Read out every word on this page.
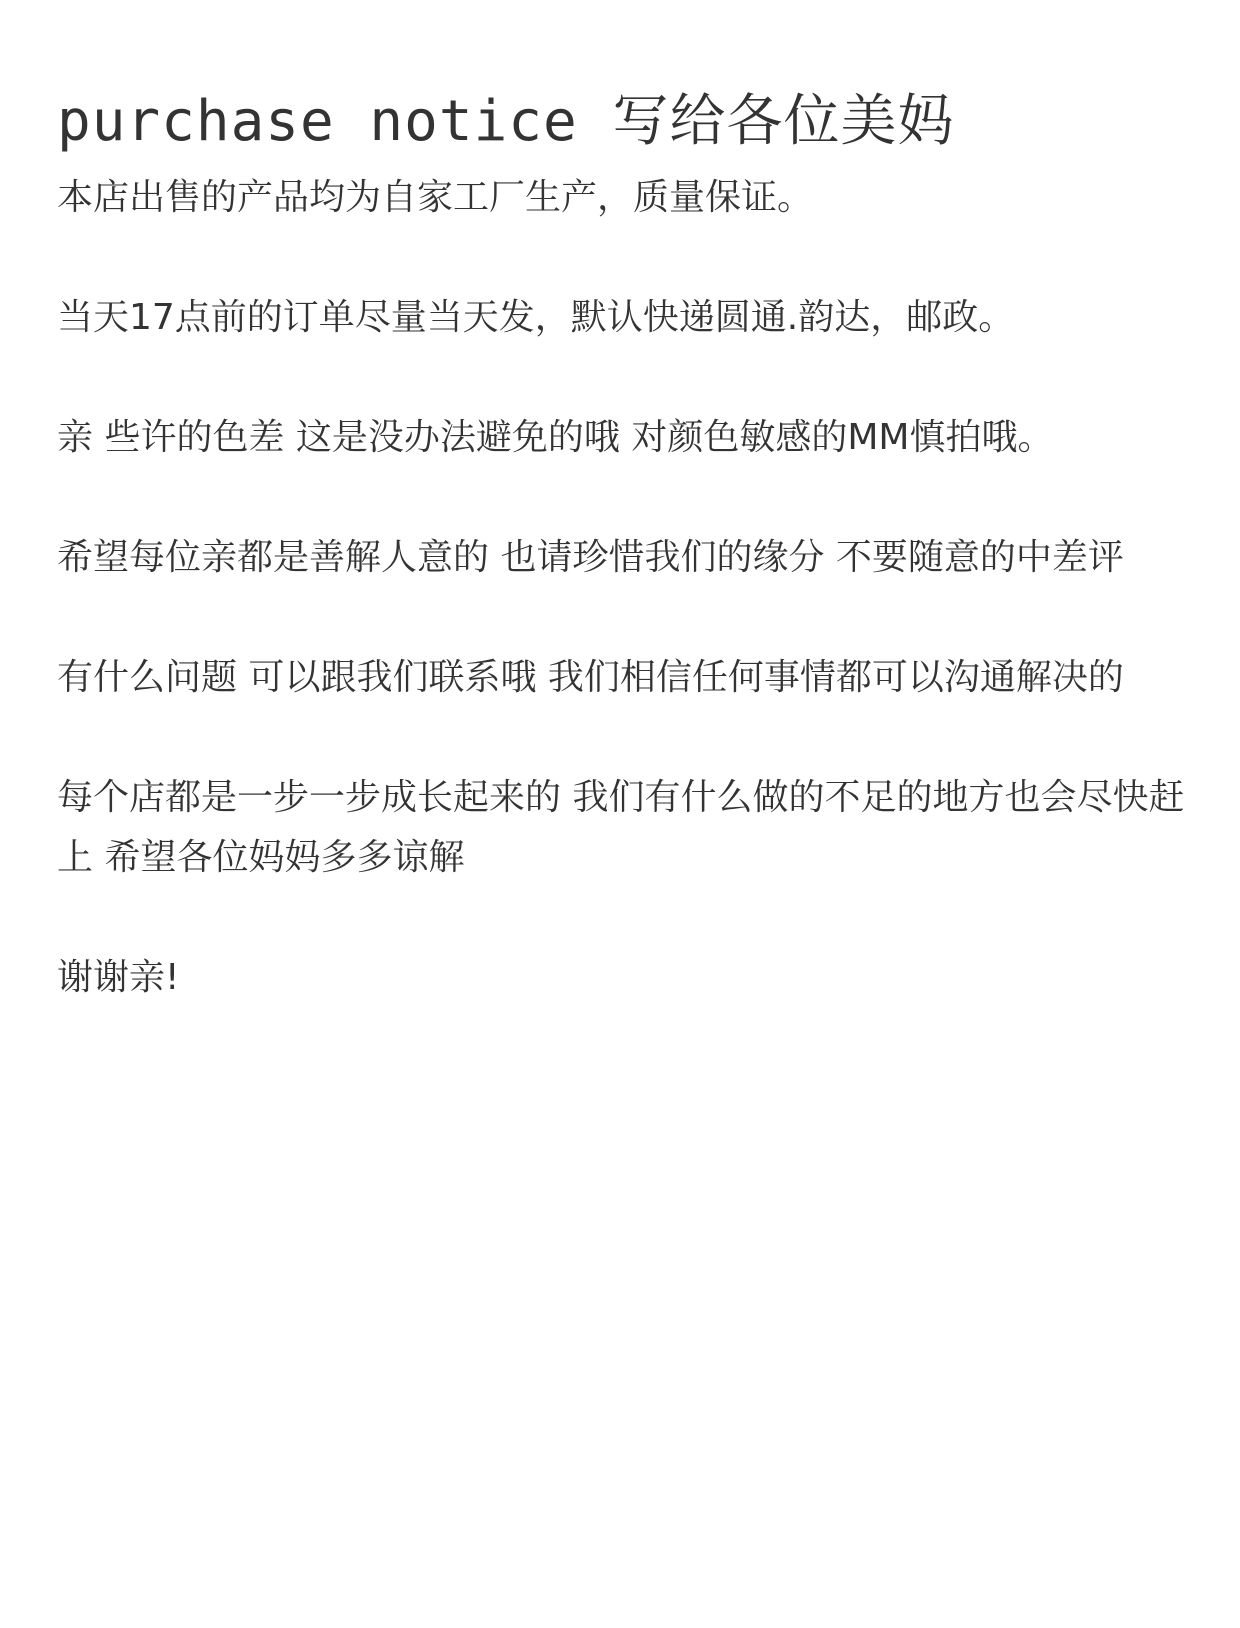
purchase notice 写给各位美妈

本店出售的产品均为自家工厂生产，质量保证。

当天17点前的订单尽量当天发，默认快递圆通.韵达，邮政。

亲 些许的色差 这是没办法避免的哦 对颜色敏感的MM慎拍哦。

希望每位亲都是善解人意的 也请珍惜我们的缘分 不要随意的中差评

有什么问题 可以跟我们联系哦 我们相信任何事情都可以沟通解决的

每个店都是一步一步成长起来的 我们有什么做的不足的地方也会尽快赶上 希望各位妈妈多多谅解

谢谢亲!
